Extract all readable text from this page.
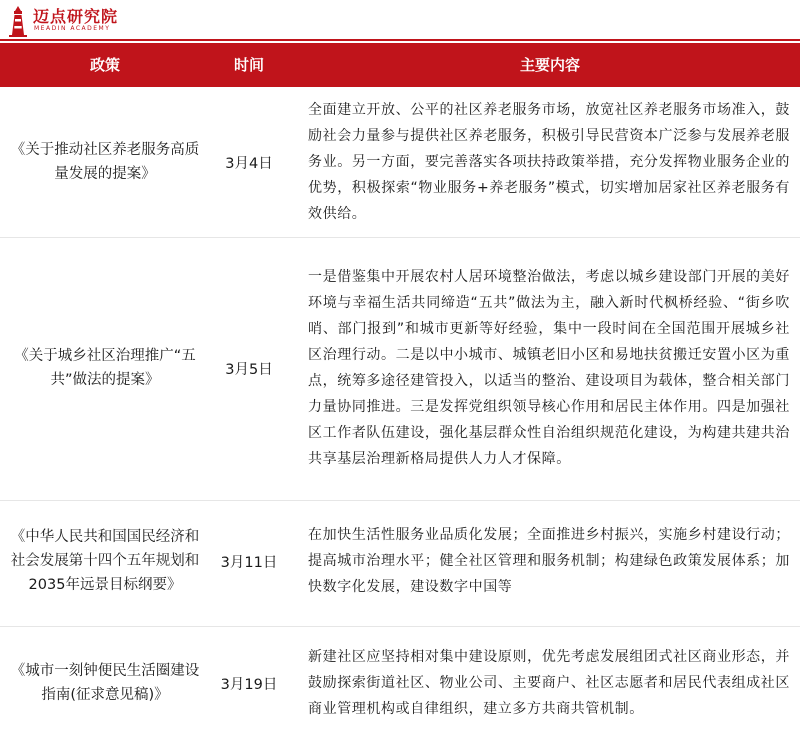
迈点研究院
MEADIN ACADEMY
政策	时间	主要内容
《关于推动社区养老服务高质量发展的提案》
3月4日
全面建立开放、公平的社区养老服务市场，放宽社区养老服务市场准入，鼓励社会力量参与提供社区养老服务，积极引导民营资本广泛参与发展养老服务业。另一方面，要完善落实各项扶持政策举措，充分发挥物业服务企业的优势，积极探索“物业服务+养老服务”模式，切实增加居家社区养老服务有效供给。
《关于城乡社区治理推广“五共”做法的提案》
3月5日
一是借鉴集中开展农村人居环境整治做法，考虑以城乡建设部门开展的美好环境与幸福生活共同缔造“五共”做法为主，融入新时代枫桥经验、“街乡吹哨、部门报到”和城市更新等好经验，集中一段时间在全国范围开展城乡社区治理行动。二是以中小城市、城镇老旧小区和易地扶贫搬迁安置小区为重点，统筹多途径建管投入，以适当的整治、建设项目为载体，整合相关部门力量协同推进。三是发挥党组织领导核心作用和居民主体作用。四是加强社区工作者队伍建设，强化基层群众性自治组织规范化建设，为构建共建共治共享基层治理新格局提供人力人才保障。
《中华人民共和国国民经济和社会发展第十四个五年规划和2035年远景目标纲要》
3月11日
在加快生活性服务业品质化发展；全面推进乡村振兴，实施乡村建设行动；提高城市治理水平；健全社区管理和服务机制；构建绿色政策发展体系；加快数字化发展，建设数字中国等
《城市一刻钟便民生活圈建设指南(征求意见稿)》
3月19日
新建社区应坚持相对集中建设原则，优先考虑发展组团式社区商业形态，并鼓励探索街道社区、物业公司、主要商户、社区志愿者和居民代表组成社区商业管理机构或自律组织，建立多方共商共管机制。
